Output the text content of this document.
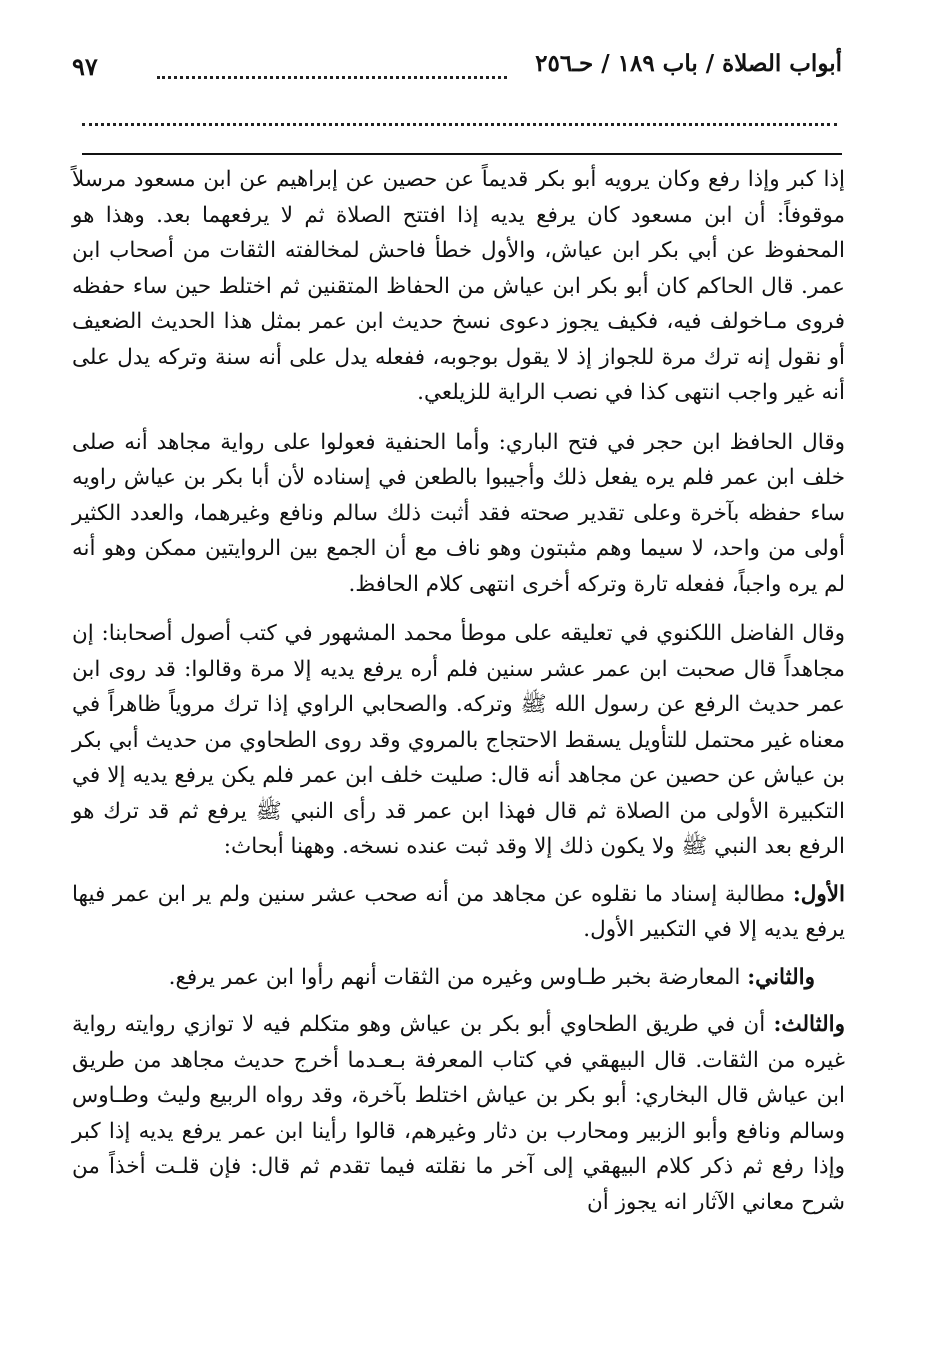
أبواب الصلاة / باب ١٨٩ / حـ٢٥٦
٩٧

إذا كبر وإذا رفع وكان يرويه أبو بكر قديماً عن حصين عن إبراهيم عن ابن مسعود مرسلاً موقوفاً: أن ابن مسعود كان يرفع يديه إذا افتتح الصلاة ثم لا يرفعهما بعد. وهذا هو المحفوظ عن أبي بكر ابن عياش، والأول خطأ فاحش لمخالفته الثقات من أصحاب ابن عمر. قال الحاكم كان أبو بكر ابن عياش من الحفاظ المتقنين ثم اختلط حين ساء حفظه فروى مـاخولف فيه، فكيف يجوز دعوى نسخ حديث ابن عمر بمثل هذا الحديث الضعيف أو نقول إنه ترك مرة للجواز إذ لا يقول بوجوبه، ففعله يدل على أنه سنة وتركه يدل على أنه غير واجب انتهى كذا في نصب الراية للزيلعي.

وقال الحافظ ابن حجر في فتح الباري: وأما الحنفية فعولوا على رواية مجاهد أنه صلى خلف ابن عمر فلم يره يفعل ذلك وأجيبوا بالطعن في إسناده لأن أبا بكر بن عياش راويه ساء حفظه بآخرة وعلى تقدير صحته فقد أثبت ذلك سالم ونافع وغيرهما، والعدد الكثير أولى من واحد، لا سيما وهم مثبتون وهو ناف مع أن الجمع بين الروايتين ممكن وهو أنه لم يره واجباً، ففعله تارة وتركه أخرى انتهى كلام الحافظ.

وقال الفاضل اللكنوي في تعليقه على موطأ محمد المشهور في كتب أصول أصحابنا: إن مجاهداً قال صحبت ابن عمر عشر سنين فلم أره يرفع يديه إلا مرة وقالوا: قد روى ابن عمر حديث الرفع عن رسول الله ﷺ وتركه. والصحابي الراوي إذا ترك مروياً ظاهراً في معناه غير محتمل للتأويل يسقط الاحتجاج بالمروي وقد روى الطحاوي من حديث أبي بكر بن عياش عن حصين عن مجاهد أنه قال: صليت خلف ابن عمر فلم يكن يرفع يديه إلا في التكبيرة الأولى من الصلاة ثم قال فهذا ابن عمر قد رأى النبي ﷺ يرفع ثم قد ترك هو الرفع بعد النبي ﷺ ولا يكون ذلك إلا وقد ثبت عنده نسخه. وههنا أبحاث:

الأول: مطالبة إسناد ما نقلوه عن مجاهد من أنه صحب عشر سنين ولم ير ابن عمر فيها يرفع يديه إلا في التكبير الأول.

والثاني: المعارضة بخبر طـاوس وغيره من الثقات أنهم رأوا ابن عمر يرفع.

والثالث: أن في طريق الطحاوي أبو بكر بن عياش وهو متكلم فيه لا توازي روايته رواية غيره من الثقات. قال البيهقي في كتاب المعرفة بـعـدما أخرج حديث مجاهد من طريق ابن عياش قال البخاري: أبو بكر بن عياش اختلط بآخرة، وقد رواه الربيع وليث وطـاوس وسالم ونافع وأبو الزبير ومحارب بن دثار وغيرهم، قالوا رأينا ابن عمر يرفع يديه إذا كبر وإذا رفع ثم ذكر كلام البيهقي إلى آخر ما نقلته فيما تقدم ثم قال: فإن قلـت أخذاً من شرح معاني الآثار انه يجوز أن
